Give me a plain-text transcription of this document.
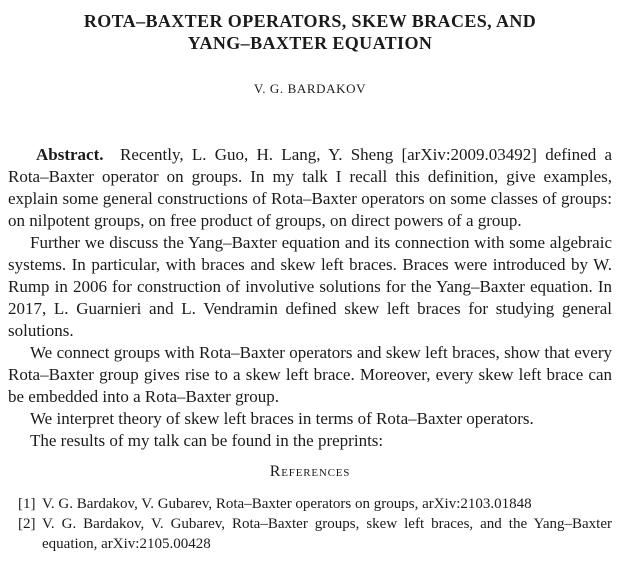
ROTA–BAXTER OPERATORS, SKEW BRACES, AND
YANG–BAXTER EQUATION
V. G. BARDAKOV

Abstract. Recently, L. Guo, H. Lang, Y. Sheng [arXiv:2009.03492] defined a Rota–Baxter operator on groups. In my talk I recall this definition, give examples, explain some general constructions of Rota–Baxter operators on some classes of groups: on nilpotent groups, on free product of groups, on direct powers of a group.

Further we discuss the Yang–Baxter equation and its connection with some algebraic systems. In particular, with braces and skew left braces. Braces were introduced by W. Rump in 2006 for construction of involutive solutions for the Yang–Baxter equation. In 2017, L. Guarnieri and L. Vendramin defined skew left braces for studying general solutions.

We connect groups with Rota–Baxter operators and skew left braces, show that every Rota–Baxter group gives rise to a skew left brace. Moreover, every skew left brace can be embedded into a Rota–Baxter group.

We interpret theory of skew left braces in terms of Rota–Baxter operators.

The results of my talk can be found in the preprints:

References

[1] V. G. Bardakov, V. Gubarev, Rota–Baxter operators on groups, arXiv:2103.01848

[2] V. G. Bardakov, V. Gubarev, Rota–Baxter groups, skew left braces, and the Yang–Baxter equation, arXiv:2105.00428
